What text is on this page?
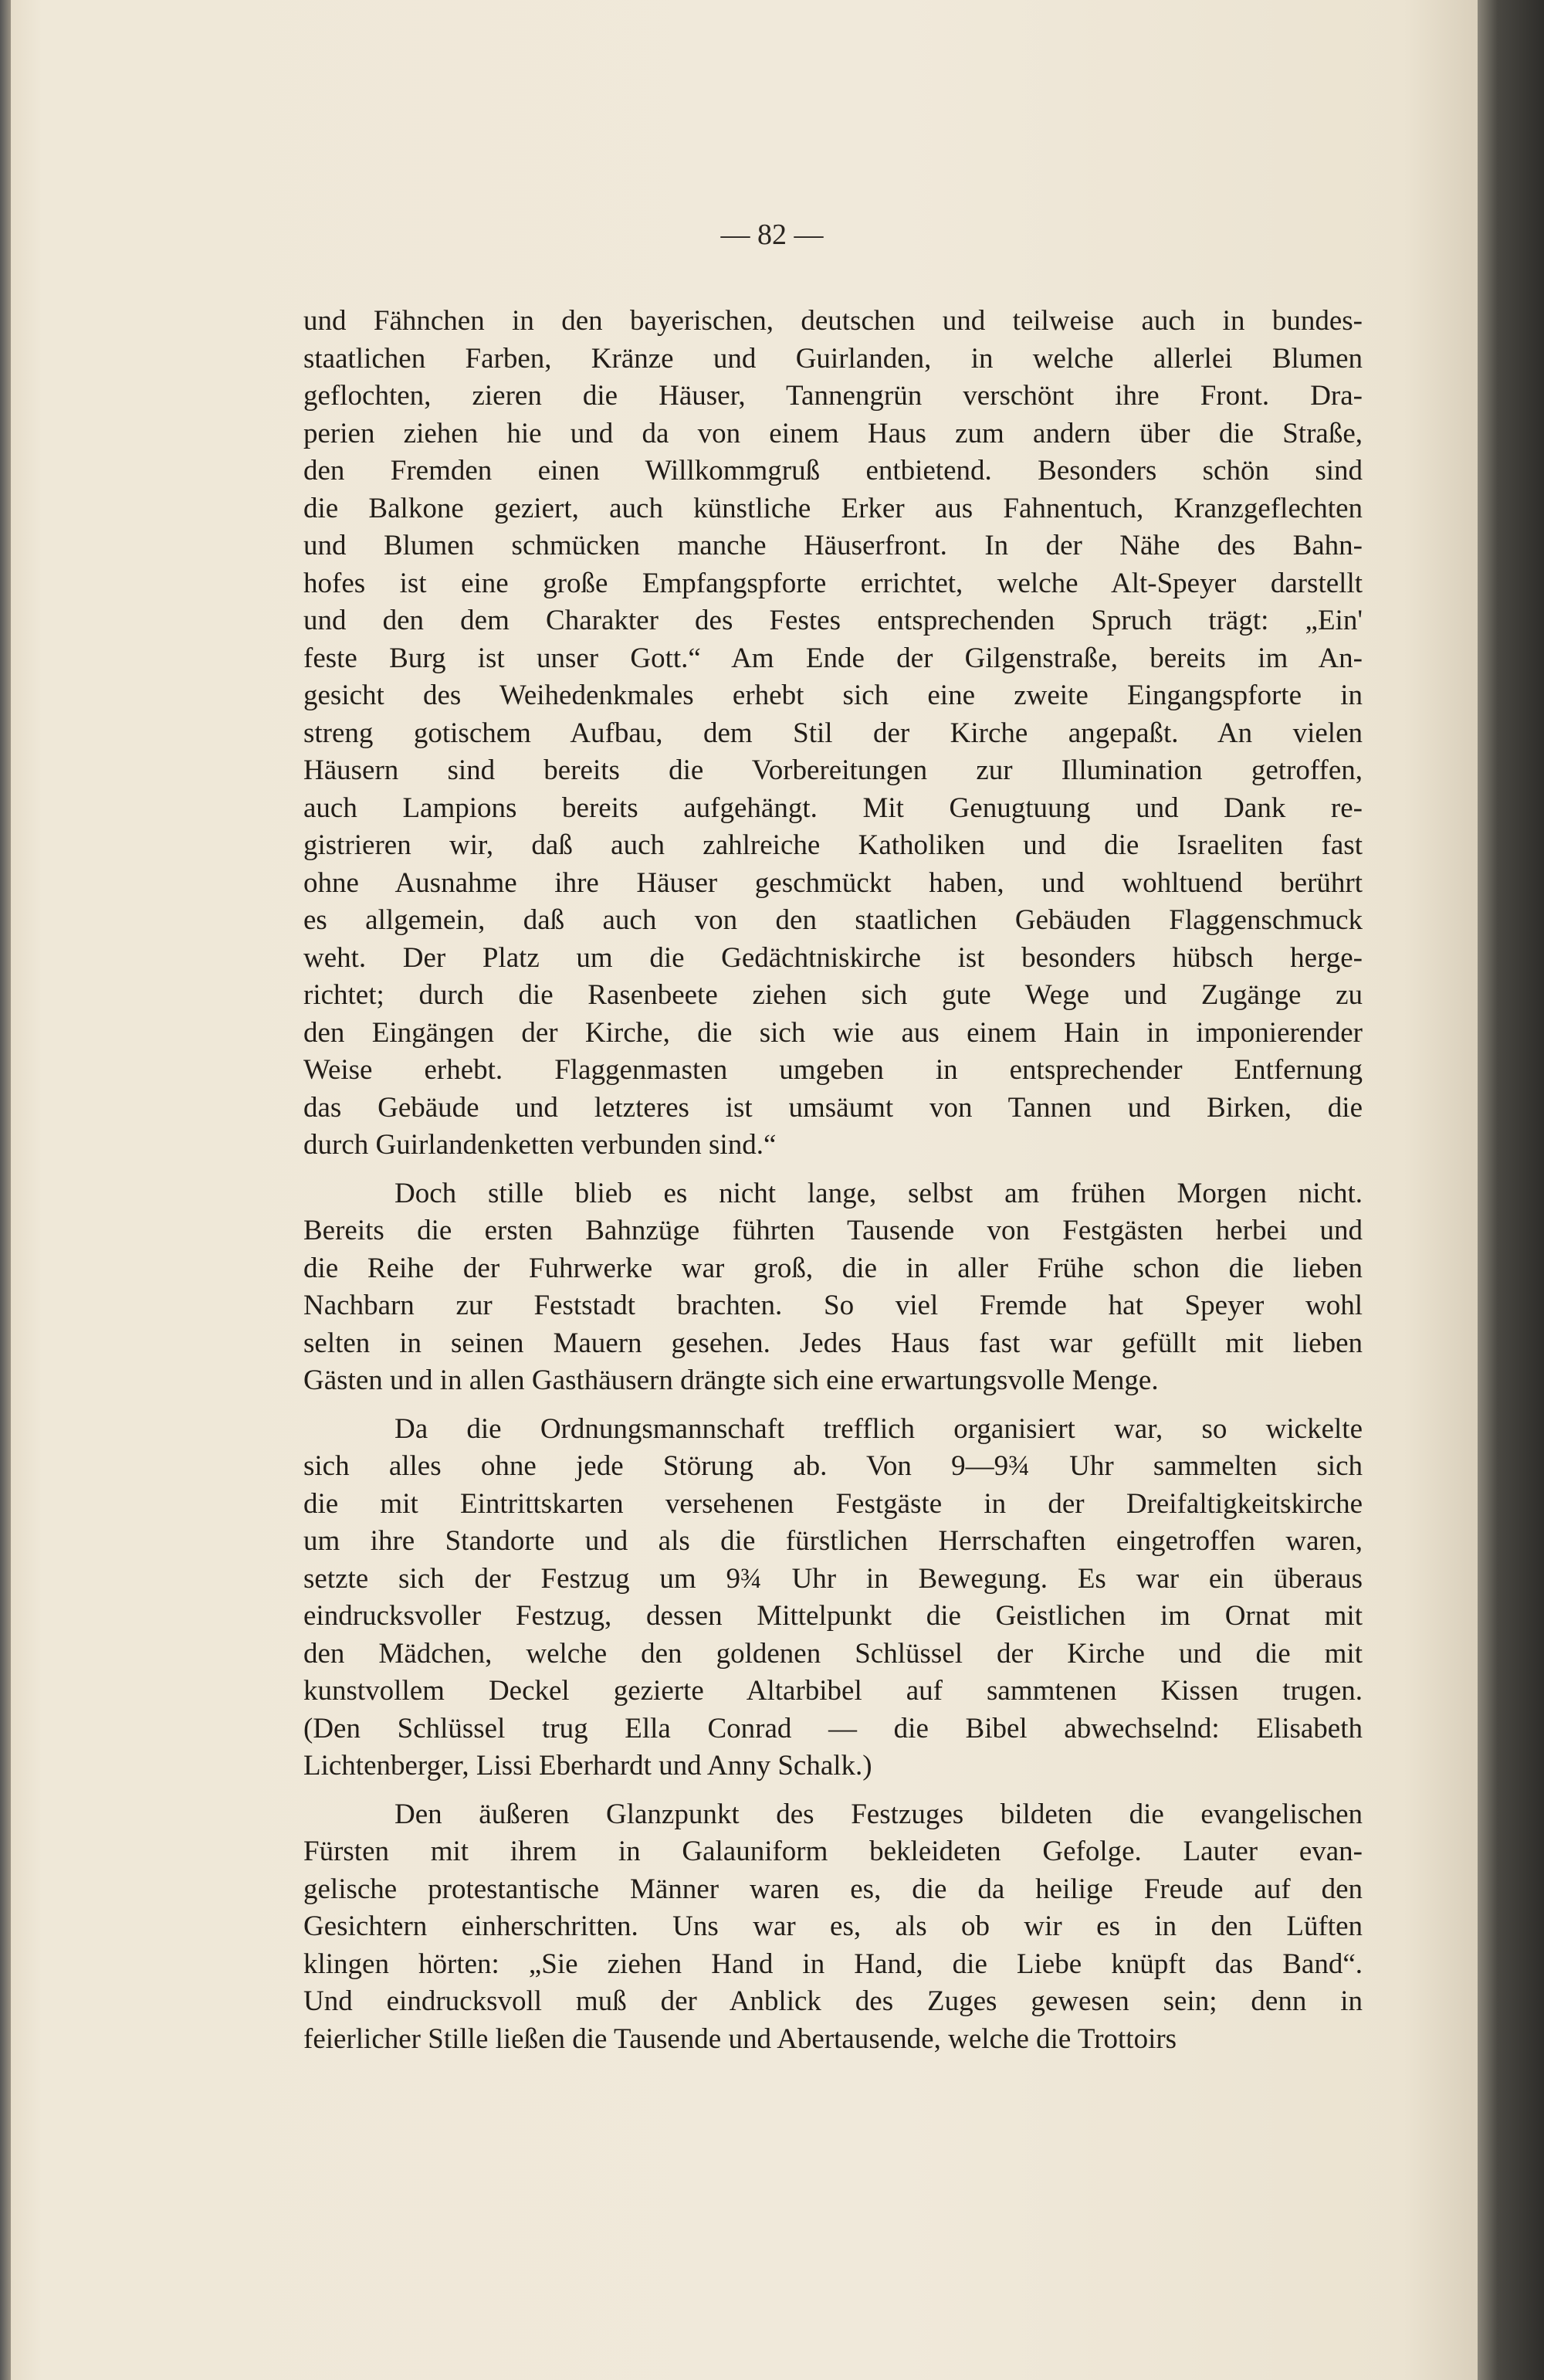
— 82 —
und Fähnchen in den bayerischen, deutschen und teilweise auch in bundes-
staatlichen Farben, Kränze und Guirlanden, in welche allerlei Blumen
geflochten, zieren die Häuser, Tannengrün verschönt ihre Front. Dra-
perien ziehen hie und da von einem Haus zum andern über die Straße,
den Fremden einen Willkommgruß entbietend. Besonders schön sind
die Balkone geziert, auch künstliche Erker aus Fahnentuch, Kranzgeflechten
und Blumen schmücken manche Häuserfront. In der Nähe des Bahn-
hofes ist eine große Empfangspforte errichtet, welche Alt-Speyer darstellt
und den dem Charakter des Festes entsprechenden Spruch trägt: „Ein'
feste Burg ist unser Gott.“ Am Ende der Gilgenstraße, bereits im An-
gesicht des Weihedenkmales erhebt sich eine zweite Eingangspforte in
streng gotischem Aufbau, dem Stil der Kirche angepaßt. An vielen
Häusern sind bereits die Vorbereitungen zur Illumination getroffen,
auch Lampions bereits aufgehängt. Mit Genugtuung und Dank re-
gistrieren wir, daß auch zahlreiche Katholiken und die Israeliten fast
ohne Ausnahme ihre Häuser geschmückt haben, und wohltuend berührt
es allgemein, daß auch von den staatlichen Gebäuden Flaggenschmuck
weht. Der Platz um die Gedächtniskirche ist besonders hübsch herge-
richtet; durch die Rasenbeete ziehen sich gute Wege und Zugänge zu
den Eingängen der Kirche, die sich wie aus einem Hain in imponierender
Weise erhebt. Flaggenmasten umgeben in entsprechender Entfernung
das Gebäude und letzteres ist umsäumt von Tannen und Birken, die
durch Guirlandenketten verbunden sind.“
Doch stille blieb es nicht lange, selbst am frühen Morgen nicht.
Bereits die ersten Bahnzüge führten Tausende von Festgästen herbei und
die Reihe der Fuhrwerke war groß, die in aller Frühe schon die lieben
Nachbarn zur Feststadt brachten. So viel Fremde hat Speyer wohl
selten in seinen Mauern gesehen. Jedes Haus fast war gefüllt mit lieben
Gästen und in allen Gasthäusern drängte sich eine erwartungsvolle Menge.
Da die Ordnungsmannschaft trefflich organisiert war, so wickelte
sich alles ohne jede Störung ab. Von 9—9¾ Uhr sammelten sich
die mit Eintrittskarten versehenen Festgäste in der Dreifaltigkeitskirche
um ihre Standorte und als die fürstlichen Herrschaften eingetroffen waren,
setzte sich der Festzug um 9¾ Uhr in Bewegung. Es war ein überaus
eindrucksvoller Festzug, dessen Mittelpunkt die Geistlichen im Ornat mit
den Mädchen, welche den goldenen Schlüssel der Kirche und die mit
kunstvollem Deckel gezierte Altarbibel auf sammtenen Kissen trugen.
(Den Schlüssel trug Ella Conrad — die Bibel abwechselnd: Elisabeth
Lichtenberger, Lissi Eberhardt und Anny Schalk.)
Den äußeren Glanzpunkt des Festzuges bildeten die evangelischen
Fürsten mit ihrem in Galauniform bekleideten Gefolge. Lauter evan-
gelische protestantische Männer waren es, die da heilige Freude auf den
Gesichtern einherschritten. Uns war es, als ob wir es in den Lüften
klingen hörten: „Sie ziehen Hand in Hand, die Liebe knüpft das Band“.
Und eindrucksvoll muß der Anblick des Zuges gewesen sein; denn in
feierlicher Stille ließen die Tausende und Abertausende, welche die Trottoirs
